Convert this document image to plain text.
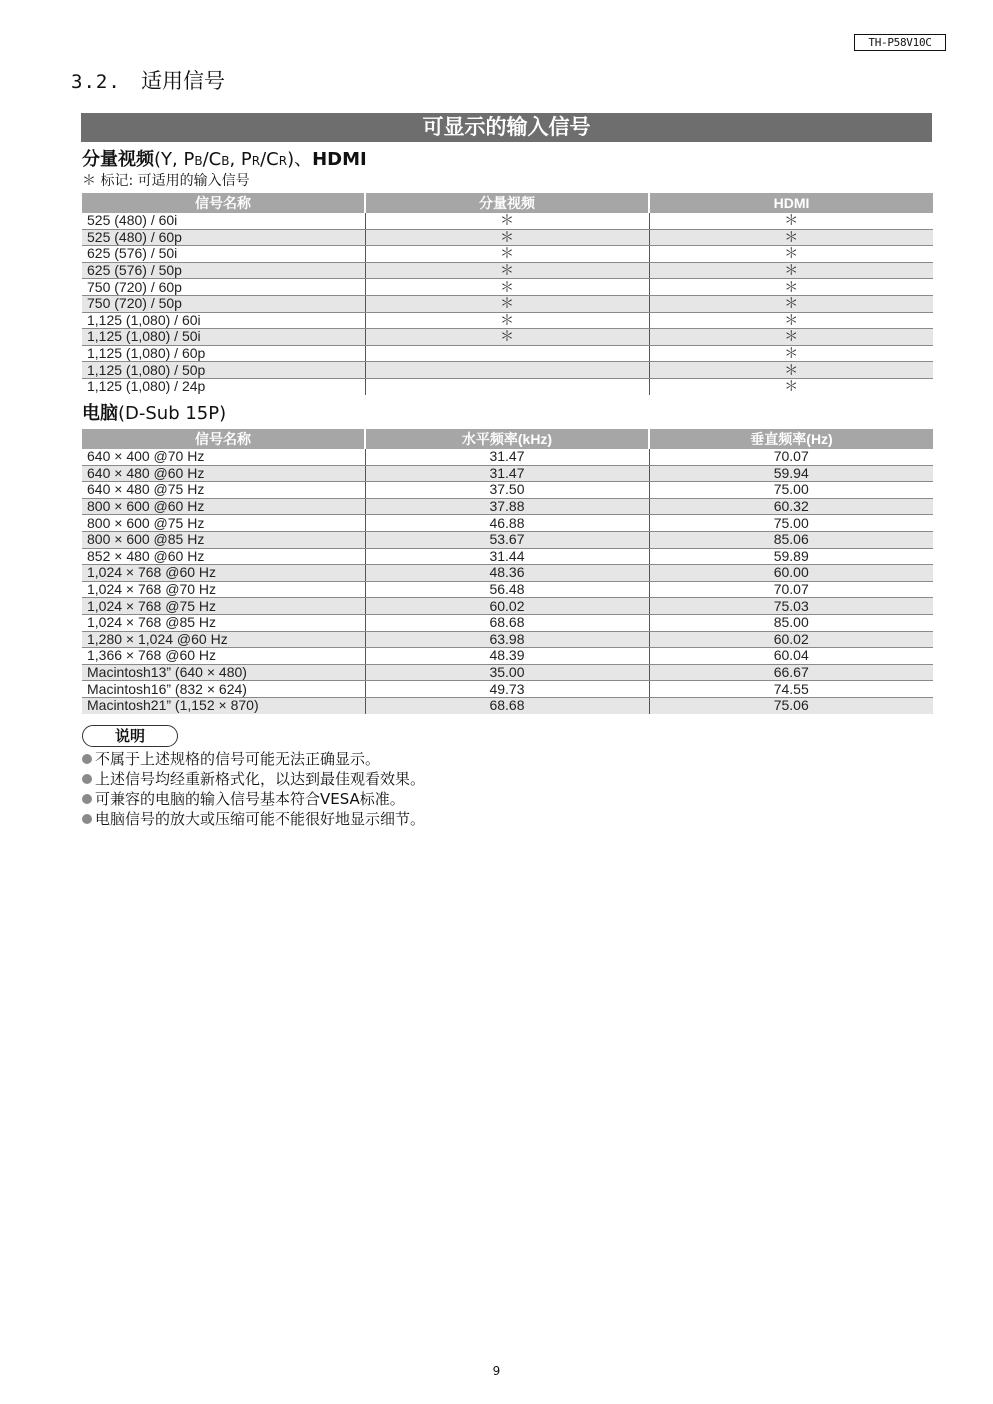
TH-P58V10C
3.2. 适用信号
可显示的输入信号
分量视频(Y, PB/CB, PR/CR)、HDMI
＊ 标记: 可适用的输入信号
信号名称	分量视频	HDMI
525 (480) / 60i	＊	＊
525 (480) / 60p	＊	＊
625 (576) / 50i	＊	＊
625 (576) / 50p	＊	＊
750 (720) / 60p	＊	＊
750 (720) / 50p	＊	＊
1,125 (1,080) / 60i	＊	＊
1,125 (1,080) / 50i	＊	＊
1,125 (1,080) / 60p		＊
1,125 (1,080) / 50p		＊
1,125 (1,080) / 24p		＊
电脑(D-Sub 15P)
信号名称	水平频率(kHz)	垂直频率(Hz)
640 × 400 @70 Hz	31.47	70.07
640 × 480 @60 Hz	31.47	59.94
640 × 480 @75 Hz	37.50	75.00
800 × 600 @60 Hz	37.88	60.32
800 × 600 @75 Hz	46.88	75.00
800 × 600 @85 Hz	53.67	85.06
852 × 480 @60 Hz	31.44	59.89
1,024 × 768 @60 Hz	48.36	60.00
1,024 × 768 @70 Hz	56.48	70.07
1,024 × 768 @75 Hz	60.02	75.03
1,024 × 768 @85 Hz	68.68	85.00
1,280 × 1,024 @60 Hz	63.98	60.02
1,366 × 768 @60 Hz	48.39	60.04
Macintosh13” (640 × 480)	35.00	66.67
Macintosh16” (832 × 624)	49.73	74.55
Macintosh21” (1,152 × 870)	68.68	75.06
说明
不属于上述规格的信号可能无法正确显示。
上述信号均经重新格式化，以达到最佳观看效果。
可兼容的电脑的输入信号基本符合VESA标准。
电脑信号的放大或压缩可能不能很好地显示细节。
9
